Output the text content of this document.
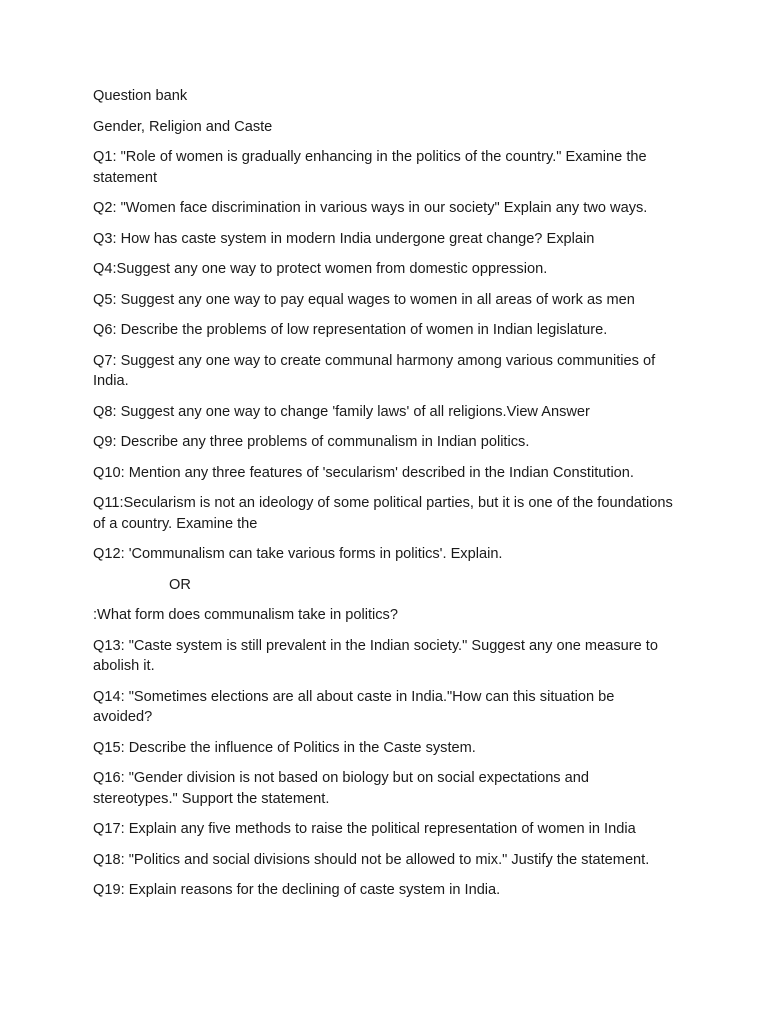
Question bank

Gender, Religion and Caste

Q1: "Role of women is gradually enhancing in the politics of the country." Examine the statement

Q2: "Women face discrimination in various ways in our society" Explain any two ways.

Q3: How has caste system in modern India undergone great change? Explain

Q4:Suggest any one way to protect women from domestic oppression.

Q5: Suggest any one way to pay equal wages to women in all areas of work as men

Q6: Describe the problems of low representation of women in Indian legislature.

Q7: Suggest any one way to create communal harmony among various communities of India.

Q8: Suggest any one way to change 'family laws' of all religions.View Answer

Q9: Describe any three problems of communalism in Indian politics.

Q10: Mention any three features of 'secularism' described in the Indian Constitution.

Q11:Secularism is not an ideology of some political parties, but it is one of the foundations of a country. Examine the

Q12: 'Communalism can take various forms in politics'. Explain.

OR

:What form does communalism take in politics?

Q13: "Caste system is still prevalent in the Indian society." Suggest any one measure to abolish it.

Q14: "Sometimes elections are all about caste in India."How can this situation be avoided?

Q15: Describe the influence of Politics in the Caste system.

Q16: "Gender division is not based on biology but on social expectations and stereotypes." Support the statement.

Q17: Explain any five methods to raise the political representation of women in India

Q18: "Politics and social divisions should not be allowed to mix." Justify the statement.

Q19: Explain reasons for the declining of caste system in India.
